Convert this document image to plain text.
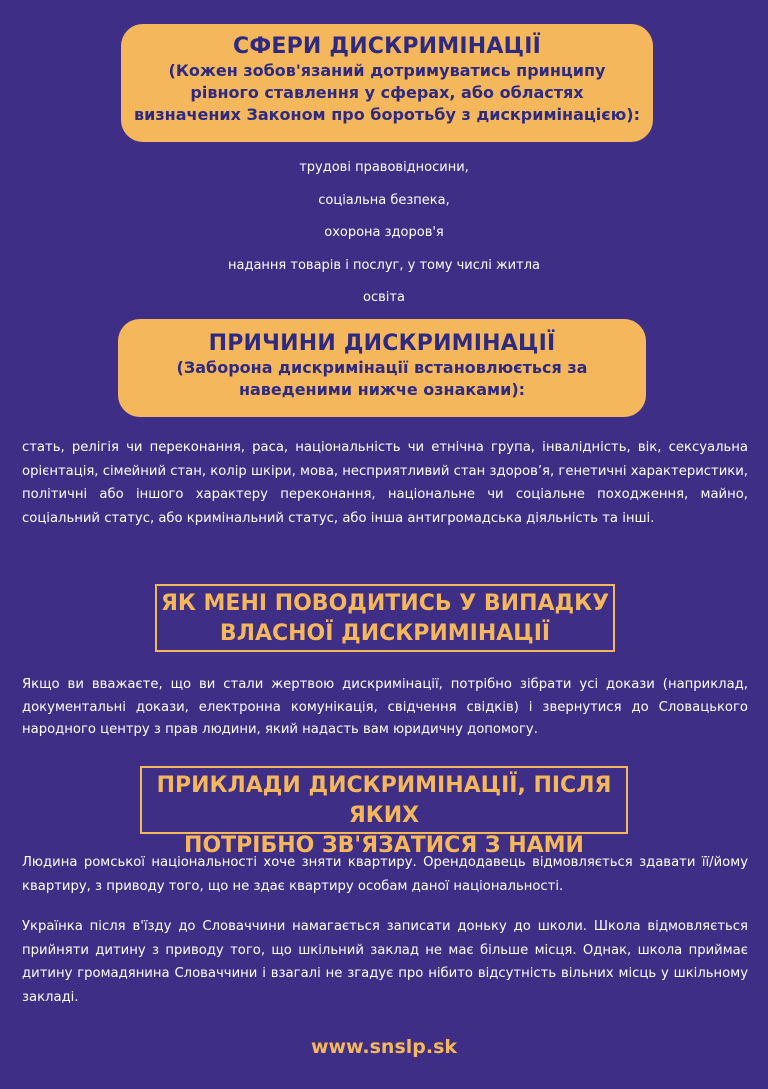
СФЕРИ ДИСКРИМІНАЦІЇ
(Кожен зобов'язаний дотримуватись принципу
рівного ставлення у сферах, або областях
визначених Законом про боротьбу з дискримінацією):
трудові правовідносини,
соціальна безпека,
охорона здоров'я
надання товарів і послуг, у тому числі житла
освіта
ПРИЧИНИ ДИСКРИМІНАЦІЇ
(Заборона дискримінації встановлюється за
наведеними нижче ознаками):
стать, релігія чи переконання, раса, національність чи етнічна група, інвалідність, вік, сексуальна орієнтація, сімейний стан, колір шкіри, мова, несприятливий стан здоров’я, генетичні характеристики, політичні або іншого характеру переконання, національне чи соціальне походження, майно, соціальний статус, або кримінальний статус, або інша антигромадська діяльність та інші.
ЯК МЕНІ ПОВОДИТИСЬ У ВИПАДКУ
ВЛАСНОЇ ДИСКРИМІНАЦІЇ
Якщо ви вважаєте, що ви стали жертвою дискримінації, потрібно зібрати усі докази (наприклад, документальні докази, електронна комунікація, свідчення свідків) і звернутися до Словацького народного центру з прав людини, який надасть вам юридичну допомогу.
ПРИКЛАДИ ДИСКРИМІНАЦІЇ, ПІСЛЯ ЯКИХ
ПОТРІБНО ЗВ'ЯЗАТИСЯ З НАМИ
Людина ромської національності хоче зняти квартиру. Орендодавець відмовляється здавати її/йому квартиру, з приводу того, що не здає квартиру особам даної національності.
Українка після в'їзду до Словаччини намагається записати доньку до школи. Школа відмовляється прийняти дитину з приводу того, що шкільний заклад не має більше місця. Однак, школа приймає дитину громадянина Словаччини і взагалі не згадує про нібито відсутність вільних місць у шкільному закладі.
www.snslp.sk
